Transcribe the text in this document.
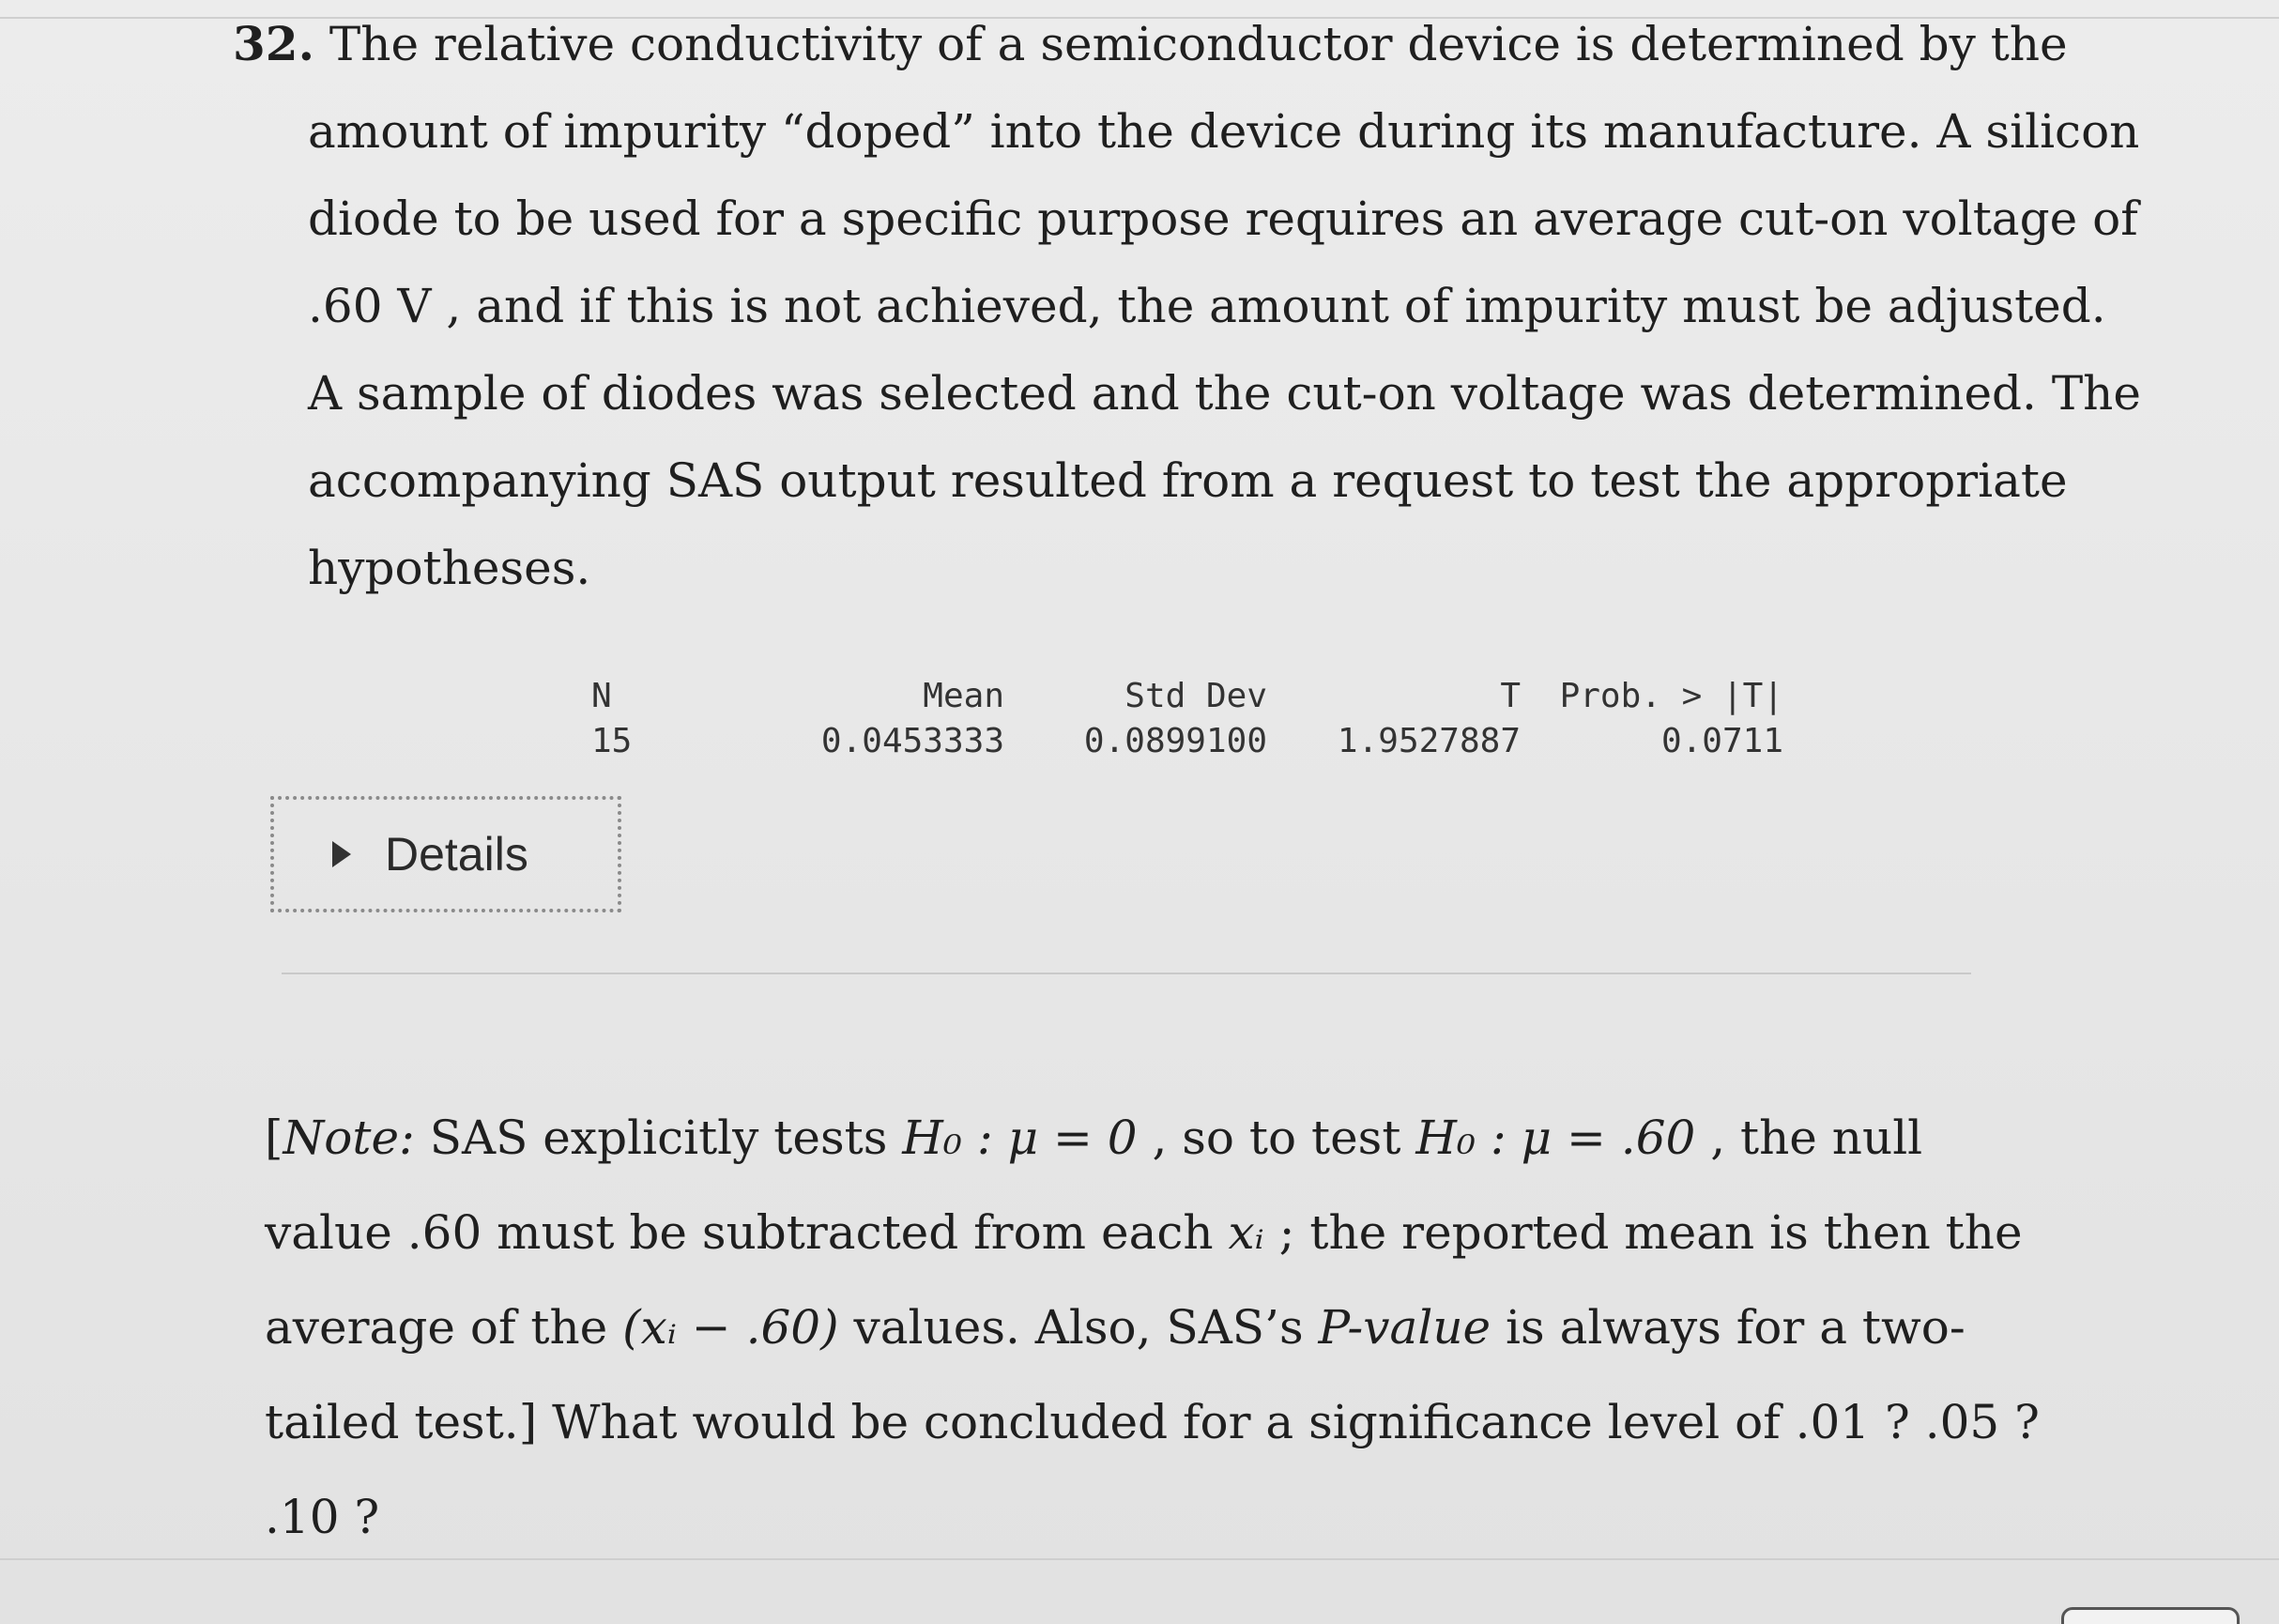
32. The relative conductivity of a semiconductor device is determined by the
amount of impurity “doped” into the device during its manufacture. A silicon
diode to be used for a specific purpose requires an average cut-on voltage of
.60 V , and if this is not achieved, the amount of impurity must be adjusted.
A sample of diodes was selected and the cut-on voltage was determined. The
accompanying SAS output resulted from a request to test the appropriate
hypotheses.
N	Mean	Std Dev	T	Prob. > |T|
15	0.0453333	0.0899100	1.9527887	0.0711
Details
[Note: SAS explicitly tests H₀ : μ = 0 , so to test H₀ : μ = .60 , the null
value .60 must be subtracted from each xᵢ ; the reported mean is then the
average of the (xᵢ − .60) values. Also, SAS’s P-value is always for a two-
tailed test.] What would be concluded for a significance level of .01 ? .05 ?
.10 ?
